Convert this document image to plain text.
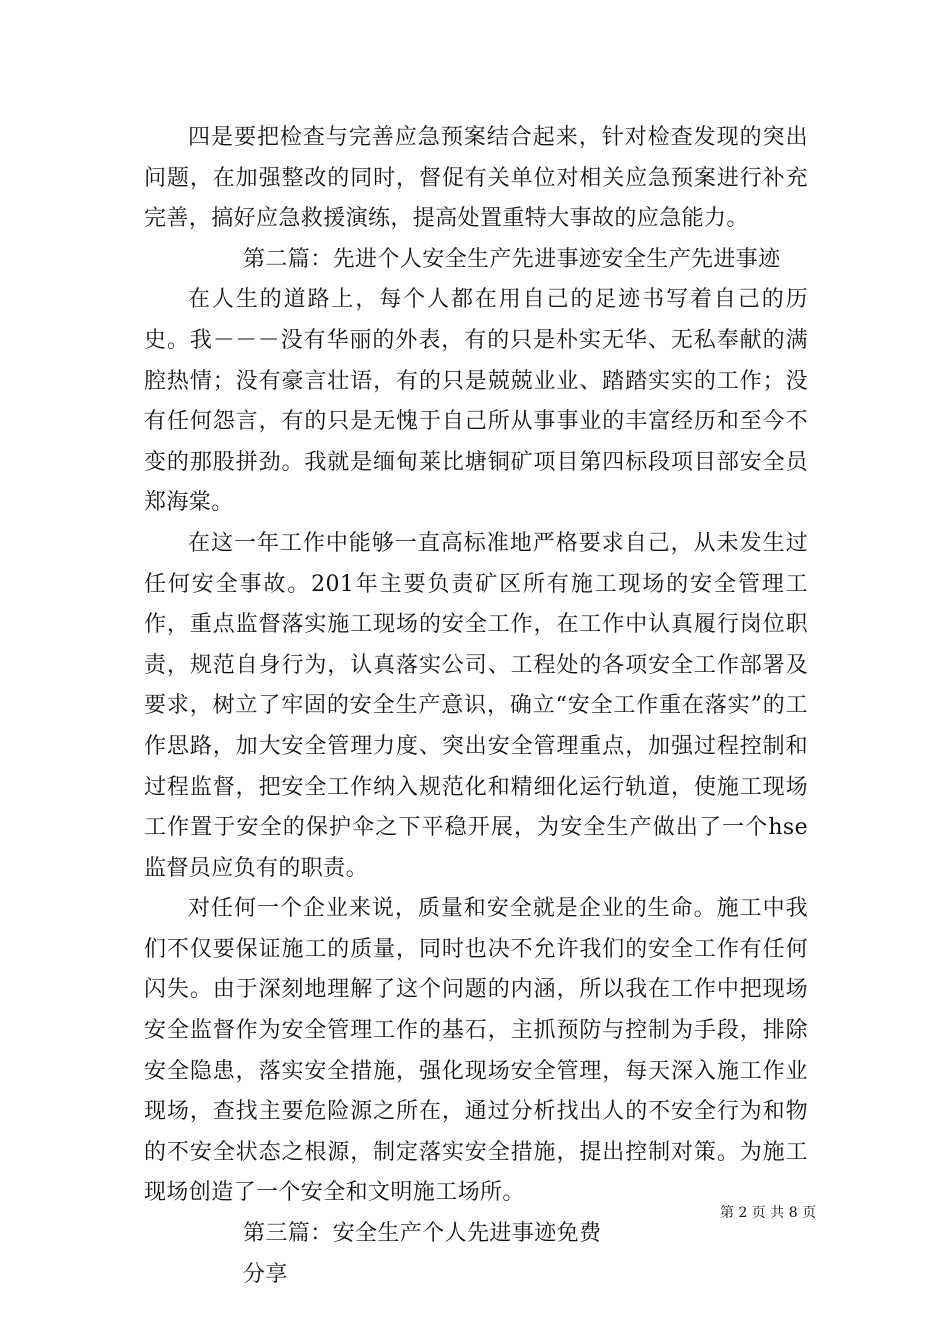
四是要把检查与完善应急预案结合起来，针对检查发现的突出问题，在加强整改的同时，督促有关单位对相关应急预案进行补充完善，搞好应急救援演练，提高处置重特大事故的应急能力。

第二篇：先进个人安全生产先进事迹安全生产先进事迹

在人生的道路上，每个人都在用自己的足迹书写着自己的历史。我－－－没有华丽的外表，有的只是朴实无华、无私奉献的满腔热情；没有豪言壮语，有的只是兢兢业业、踏踏实实的工作；没有任何怨言，有的只是无愧于自己所从事事业的丰富经历和至今不变的那股拼劲。我就是缅甸莱比塘铜矿项目第四标段项目部安全员郑海棠。

在这一年工作中能够一直高标准地严格要求自己，从未发生过任何安全事故。201年主要负责矿区所有施工现场的安全管理工作，重点监督落实施工现场的安全工作，在工作中认真履行岗位职责，规范自身行为，认真落实公司、工程处的各项安全工作部署及要求，树立了牢固的安全生产意识，确立“安全工作重在落实”的工作思路，加大安全管理力度、突出安全管理重点，加强过程控制和过程监督，把安全工作纳入规范化和精细化运行轨道，使施工现场工作置于安全的保护伞之下平稳开展，为安全生产做出了一个hse监督员应负有的职责。

对任何一个企业来说，质量和安全就是企业的生命。施工中我们不仅要保证施工的质量，同时也决不允许我们的安全工作有任何闪失。由于深刻地理解了这个问题的内涵，所以我在工作中把现场安全监督作为安全管理工作的基石，主抓预防与控制为手段，排除安全隐患，落实安全措施，强化现场安全管理，每天深入施工作业现场，查找主要危险源之所在，通过分析找出人的不安全行为和物的不安全状态之根源，制定落实安全措施，提出控制对策。为施工现场创造了一个安全和文明施工场所。

第三篇：安全生产个人先进事迹免费

分享

第 2 页 共 8 页
